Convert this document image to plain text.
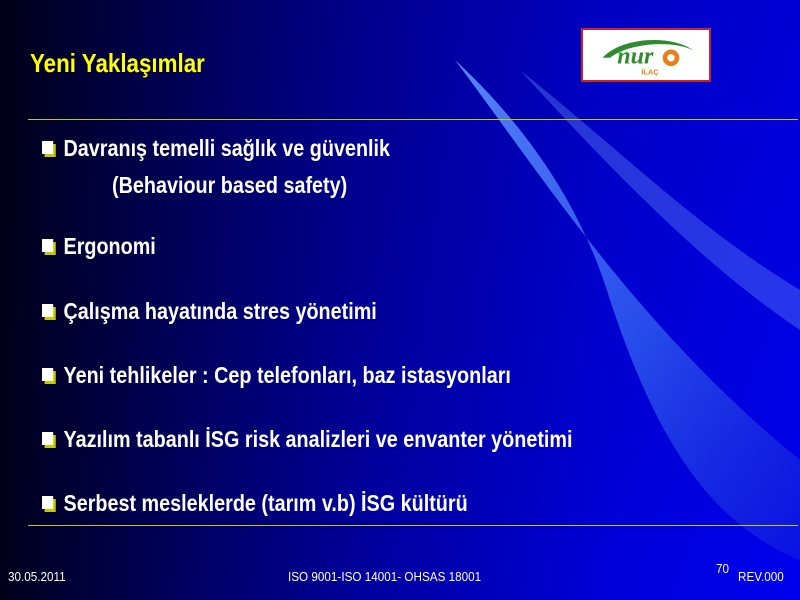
Yeni Yaklaşımlar	nur
İLAÇ
Davranış temelli sağlık ve güvenlik
(Behaviour based safety)
Ergonomi
Çalışma hayatında stres yönetimi
Yeni tehlikeler : Cep telefonları, baz istasyonları
Yazılım tabanlı İSG risk analizleri ve envanter yönetimi
Serbest mesleklerde (tarım v.b) İSG kültürü
30.05.2011	ISO 9001-ISO 14001- OHSAS 18001
70
REV.000
